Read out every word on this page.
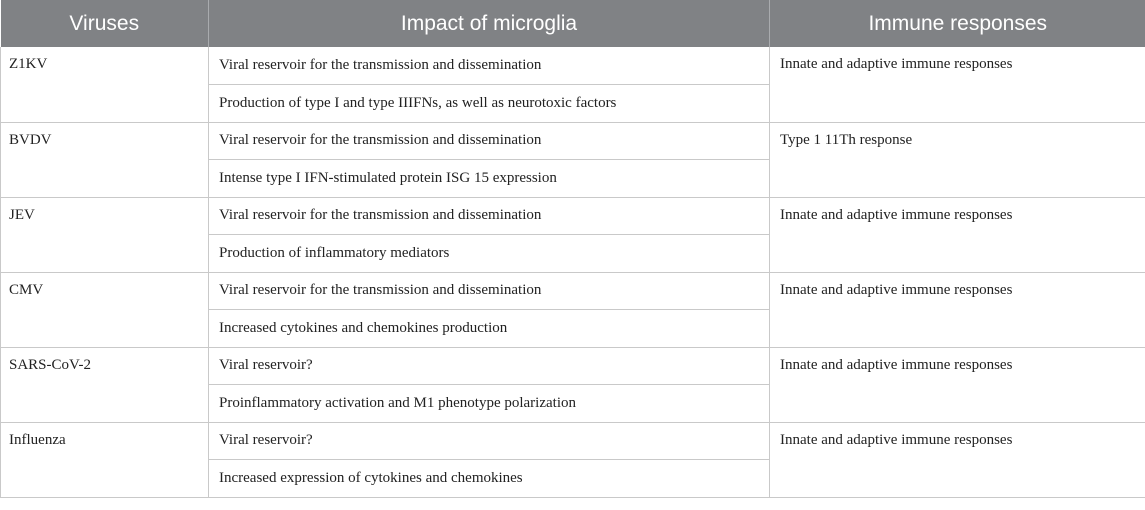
Viruses	Impact of microglia	Immune responses
Z1KV	Viral reservoir for the transmission and dissemination	Innate and adaptive immune responses
	Production of type I and type IIIFNs, as well as neurotoxic factors	
BVDV	Viral reservoir for the transmission and dissemination	Type 1 11Th response
	Intense type I IFN-stimulated protein ISG 15 expression	
JEV	Viral reservoir for the transmission and dissemination	Innate and adaptive immune responses
	Production of inflammatory mediators	
CMV	Viral reservoir for the transmission and dissemination	Innate and adaptive immune responses
	Increased cytokines and chemokines production	
SARS-CoV-2	Viral reservoir?	Innate and adaptive immune responses
	Proinflammatory activation and M1 phenotype polarization	
Influenza	Viral reservoir?	Innate and adaptive immune responses
	Increased expression of cytokines and chemokines	
